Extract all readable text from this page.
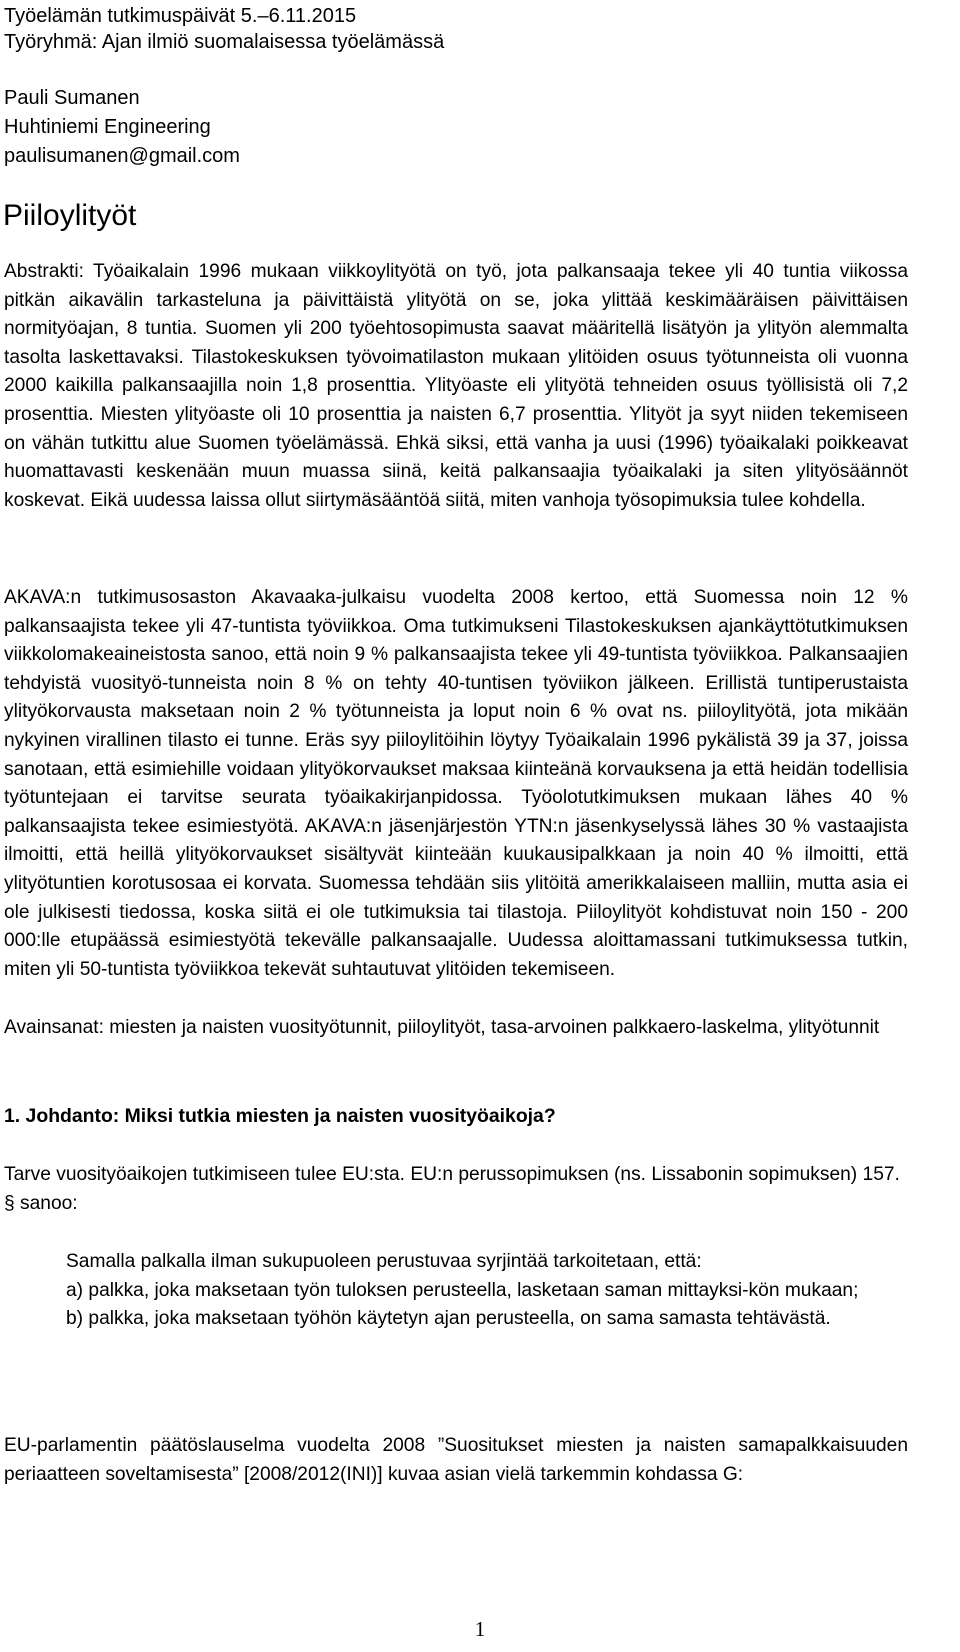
Työelämän tutkimuspäivät 5.–6.11.2015
Työryhmä: Ajan ilmiö suomalaisessa työelämässä
Pauli Sumanen
Huhtiniemi Engineering
paulisumanen@gmail.com
Piiloylityöt

Abstrakti: Työaikalain 1996 mukaan viikkoylityötä on työ, jota palkansaaja tekee yli 40 tuntia viikossa pitkän aikavälin tarkasteluna ja päivittäistä ylityötä on se, joka ylittää keskimääräisen päivittäisen normityöajan, 8 tuntia. Suomen yli 200 työehtosopimusta saavat määritellä lisätyön ja ylityön alemmalta tasolta laskettavaksi. Tilastokeskuksen työvoimatilaston mukaan ylitöiden osuus työtunneista oli vuonna 2000 kaikilla palkansaajilla noin 1,8 prosenttia. Ylityöaste eli ylityötä tehneiden osuus työllisistä oli 7,2 prosenttia. Miesten ylityöaste oli 10 prosenttia ja naisten 6,7 prosenttia. Ylityöt ja syyt niiden tekemiseen on vähän tutkittu alue Suomen työelämässä. Ehkä siksi, että vanha ja uusi (1996) työaikalaki poikkeavat huomattavasti keskenään muun muassa siinä, keitä palkansaajia työaikalaki ja siten ylityösäännöt koskevat. Eikä uudessa laissa ollut siirtymäsääntöä siitä, miten vanhoja työsopimuksia tulee kohdella.

AKAVA:n tutkimusosaston Akavaaka-julkaisu vuodelta 2008 kertoo, että Suomessa noin 12 % palkansaajista tekee yli 47-tuntista työviikkoa. Oma tutkimukseni Tilastokeskuksen ajankäyttötutkimuksen viikkolomakeaineistosta sanoo, että noin 9 % palkansaajista tekee yli 49-tuntista työviikkoa. Palkansaajien tehdyistä vuosityö-tunneista noin 8 % on tehty 40-tuntisen työviikon jälkeen. Erillistä tuntiperustaista ylityökorvausta maksetaan noin 2 % työtunneista ja loput noin 6 % ovat ns. piiloylityötä, jota mikään nykyinen virallinen tilasto ei tunne. Eräs syy piiloylitöihin löytyy Työaikalain 1996 pykälistä 39 ja 37, joissa sanotaan, että esimiehille voidaan ylityökorvaukset maksaa kiinteänä korvauksena ja että heidän todellisia työtuntejaan ei tarvitse seurata työaikakirjanpidossa. Työolotutkimuksen mukaan lähes 40 % palkansaajista tekee esimiestyötä. AKAVA:n jäsenjärjestön YTN:n jäsenkyselyssä lähes 30 % vastaajista ilmoitti, että heillä ylityökorvaukset sisältyvät kiinteään kuukausipalkkaan ja noin 40 % ilmoitti, että ylityötuntien korotusosaa ei korvata. Suomessa tehdään siis ylitöitä amerikkalaiseen malliin, mutta asia ei ole julkisesti tiedossa, koska siitä ei ole tutkimuksia tai tilastoja. Piiloylityöt kohdistuvat noin 150 - 200 000:lle etupäässä esimiestyötä tekevälle palkansaajalle. Uudessa aloittamassani tutkimuksessa tutkin, miten yli 50-tuntista työviikkoa tekevät suhtautuvat ylitöiden tekemiseen.

Avainsanat: miesten ja naisten vuosityötunnit, piiloylityöt, tasa-arvoinen palkkaero-laskelma, ylityötunnit

1. Johdanto: Miksi tutkia miesten ja naisten vuosityöaikoja?

Tarve vuosityöaikojen tutkimiseen tulee EU:sta. EU:n perussopimuksen (ns. Lissabonin sopimuksen) 157. § sanoo:

Samalla palkalla ilman sukupuoleen perustuvaa syrjintää tarkoitetaan, että:
a) palkka, joka maksetaan työn tuloksen perusteella, lasketaan saman mittayksi-kön mukaan;
b) palkka, joka maksetaan työhön käytetyn ajan perusteella, on sama samasta tehtävästä.

EU-parlamentin päätöslauselma vuodelta 2008 ”Suositukset miesten ja naisten samapalkkaisuuden periaatteen soveltamisesta” [2008/2012(INI)] kuvaa asian vielä tarkemmin kohdassa G:

1
